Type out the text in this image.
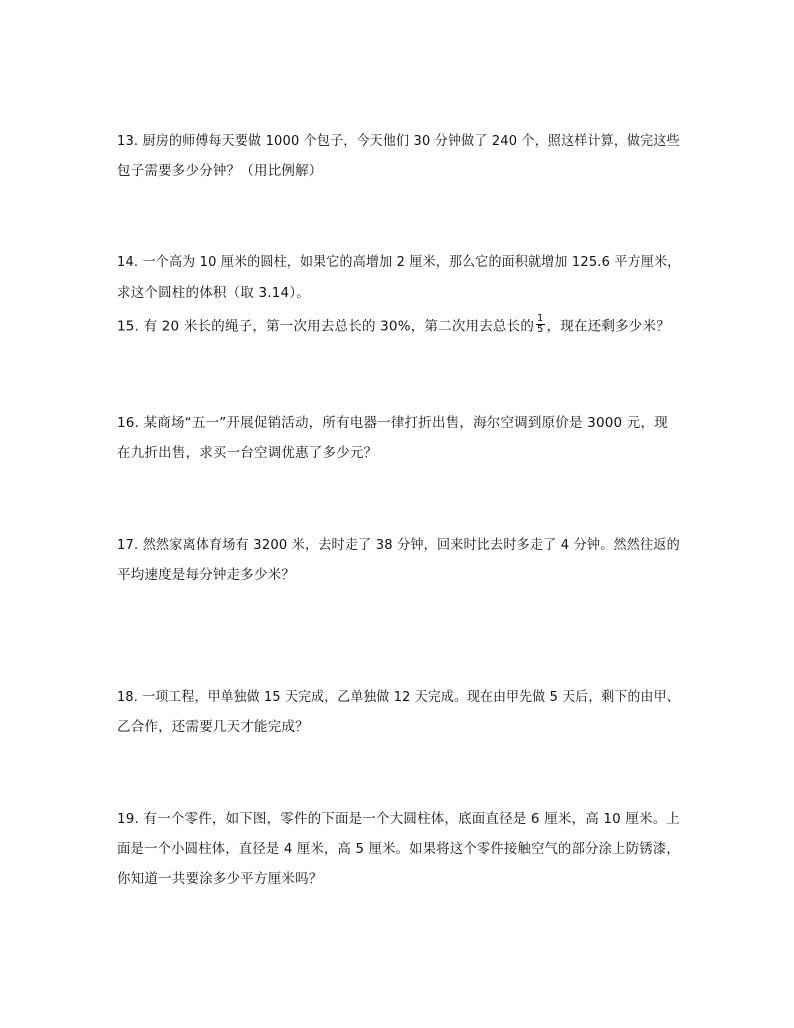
13. 厨房的师傅每天要做 1000 个包子，今天他们 30 分钟做了 240 个，照这样计算，做完这些
包子需要多少分钟？（用比例解）
14. 一个高为 10 厘米的圆柱，如果它的高增加 2 厘米，那么它的面积就增加 125.6 平方厘米，
求这个圆柱的体积（取 3.14）。
15. 有 20 米长的绳子，第一次用去总长的 30%，第二次用去总长的 $\frac{1}{5}$ ，现在还剩多少米？
16. 某商场“五一”开展促销活动，所有电器一律打折出售，海尔空调到原价是 3000 元，现
在九折出售，求买一台空调优惠了多少元？
17. 然然家离体育场有 3200 米，去时走了 38 分钟，回来时比去时多走了 4 分钟。然然往返的
平均速度是每分钟走多少米？
18. 一项工程，甲单独做 15 天完成，乙单独做 12 天完成。现在由甲先做 5 天后，剩下的由甲、
乙合作，还需要几天才能完成？
19. 有一个零件，如下图，零件的下面是一个大圆柱体，底面直径是 6 厘米，高 10 厘米。上
面是一个小圆柱体，直径是 4 厘米，高 5 厘米。如果将这个零件接触空气的部分涂上防锈漆，
你知道一共要涂多少平方厘米吗？
